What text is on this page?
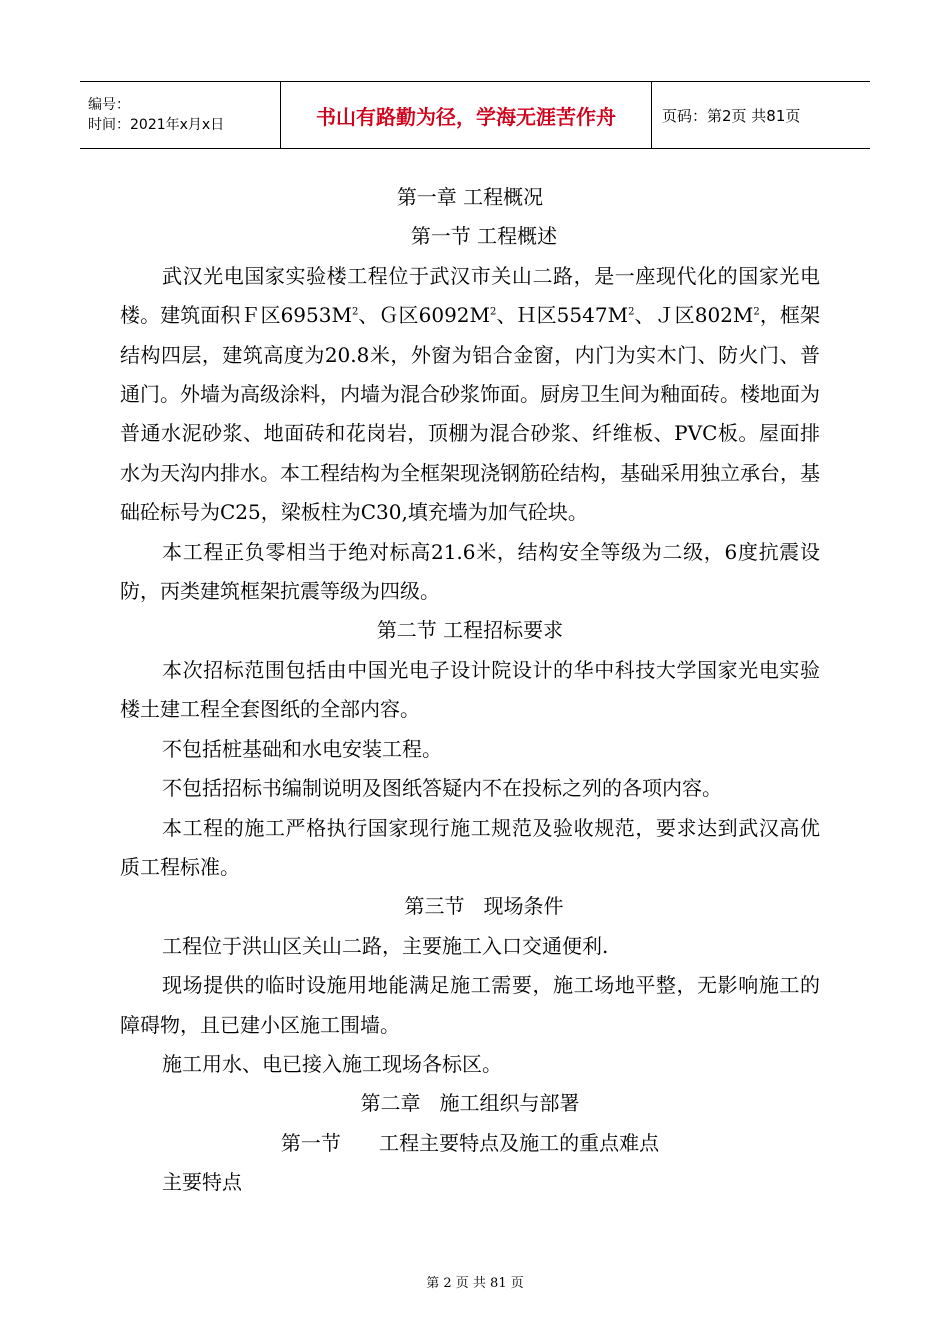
编号：
时间：2021年x月x日	书山有路勤为径，学海无涯苦作舟	页码：第2页 共81页

第一章 工程概况

第一节 工程概述

武汉光电国家实验楼工程位于武汉市关山二路，是一座现代化的国家光电楼。建筑面积Ｆ区$6953M^2$、Ｇ区$6092M^2$、Ｈ区$5547M^2$、Ｊ区$802M^2$，框架结构四层，建筑高度为20.8米，外窗为铝合金窗，内门为实木门、防火门、普通门。外墙为高级涂料，内墙为混合砂浆饰面。厨房卫生间为釉面砖。楼地面为普通水泥砂浆、地面砖和花岗岩，顶棚为混合砂浆、纤维板、PVC板。屋面排水为天沟内排水。本工程结构为全框架现浇钢筋砼结构，基础采用独立承台，基础砼标号为C25，梁板柱为C30,填充墙为加气砼块。

本工程正负零相当于绝对标高21.6米，结构安全等级为二级，6度抗震设防，丙类建筑框架抗震等级为四级。

第二节 工程招标要求

本次招标范围包括由中国光电子设计院设计的华中科技大学国家光电实验楼土建工程全套图纸的全部内容。

不包括桩基础和水电安装工程。

不包括招标书编制说明及图纸答疑内不在投标之列的各项内容。

本工程的施工严格执行国家现行施工规范及验收规范，要求达到武汉高优质工程标准。

第三节   现场条件

工程位于洪山区关山二路，主要施工入口交通便利.

现场提供的临时设施用地能满足施工需要，施工场地平整，无影响施工的障碍物，且已建小区施工围墙。

施工用水、电已接入施工现场各标区。

第二章   施工组织与部署

第一节      工程主要特点及施工的重点难点

主要特点

第 2 页 共 81 页
